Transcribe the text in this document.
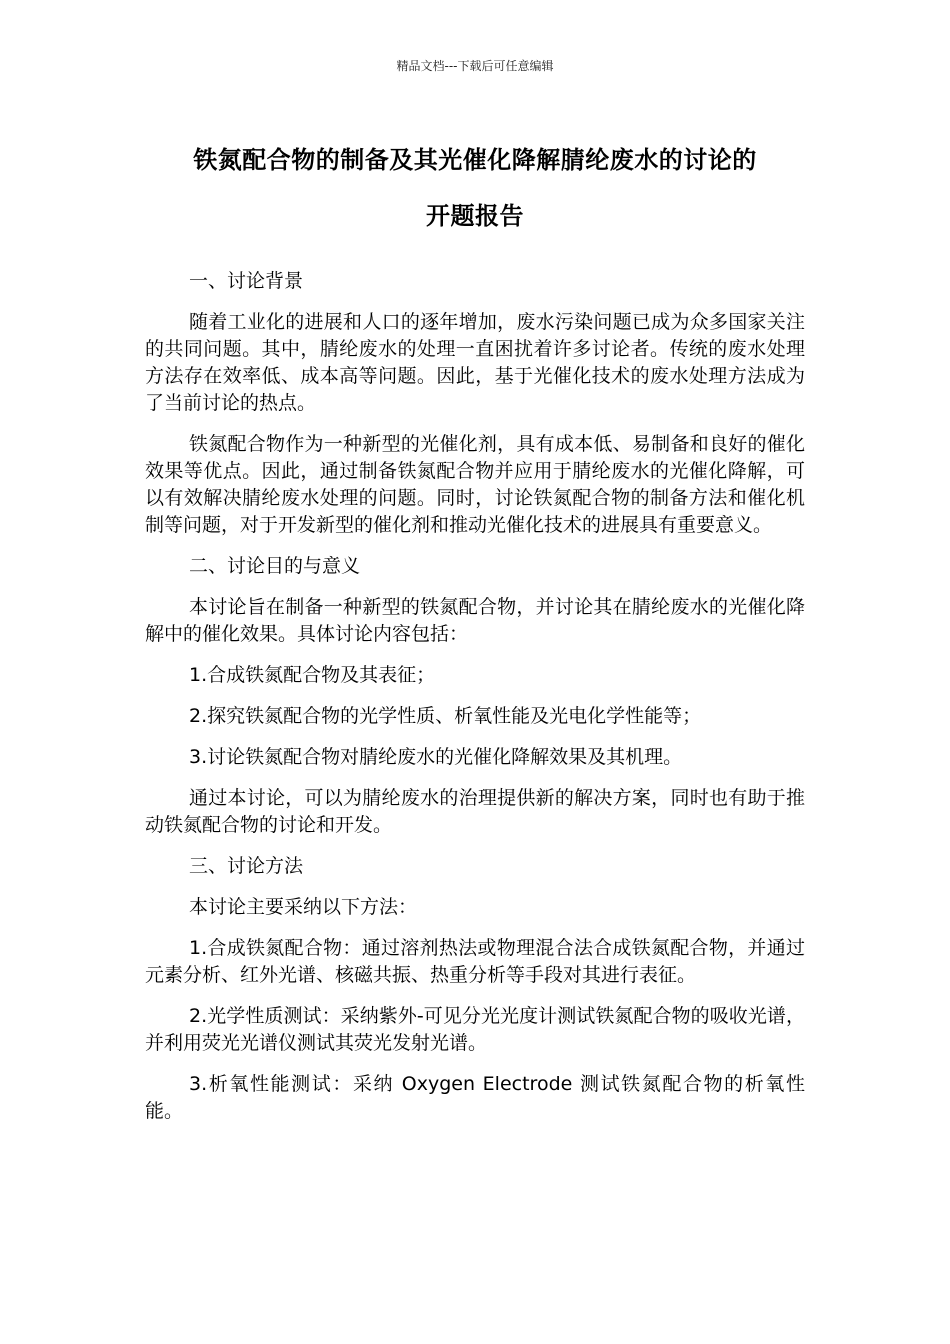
精品文档---下载后可任意编辑
铁氮配合物的制备及其光催化降解腈纶废水的讨论的
开题报告

一、讨论背景

随着工业化的进展和人口的逐年增加，废水污染问题已成为众多国家关注的共同问题。其中，腈纶废水的处理一直困扰着许多讨论者。传统的废水处理方法存在效率低、成本高等问题。因此，基于光催化技术的废水处理方法成为了当前讨论的热点。

铁氮配合物作为一种新型的光催化剂，具有成本低、易制备和良好的催化效果等优点。因此，通过制备铁氮配合物并应用于腈纶废水的光催化降解，可以有效解决腈纶废水处理的问题。同时，讨论铁氮配合物的制备方法和催化机制等问题，对于开发新型的催化剂和推动光催化技术的进展具有重要意义。

二、讨论目的与意义

本讨论旨在制备一种新型的铁氮配合物，并讨论其在腈纶废水的光催化降解中的催化效果。具体讨论内容包括：

1.合成铁氮配合物及其表征；

2.探究铁氮配合物的光学性质、析氧性能及光电化学性能等；

3.讨论铁氮配合物对腈纶废水的光催化降解效果及其机理。

通过本讨论，可以为腈纶废水的治理提供新的解决方案，同时也有助于推动铁氮配合物的讨论和开发。

三、讨论方法

本讨论主要采纳以下方法：

1.合成铁氮配合物：通过溶剂热法或物理混合法合成铁氮配合物，并通过元素分析、红外光谱、核磁共振、热重分析等手段对其进行表征。

2.光学性质测试：采纳紫外-可见分光光度计测试铁氮配合物的吸收光谱，并利用荧光光谱仪测试其荧光发射光谱。

3.析氧性能测试：采纳 Oxygen Electrode 测试铁氮配合物的析氧性能。
